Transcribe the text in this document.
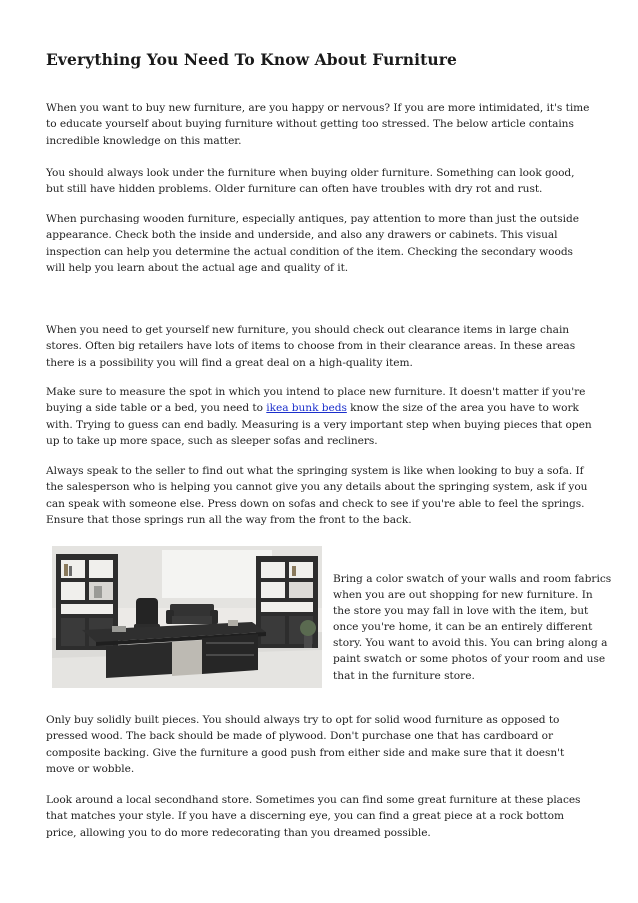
Everything You Need To Know About Furniture

When you want to buy new furniture, are you happy or nervous? If you are more intimidated, it's time to educate yourself about buying furniture without getting too stressed. The below article contains incredible knowledge on this matter.

You should always look under the furniture when buying older furniture. Something can look good, but still have hidden problems. Older furniture can often have troubles with dry rot and rust.

When purchasing wooden furniture, especially antiques, pay attention to more than just the outside appearance. Check both the inside and underside, and also any drawers or cabinets. This visual inspection can help you determine the actual condition of the item. Checking the secondary woods will help you learn about the actual age and quality of it.

When you need to get yourself new furniture, you should check out clearance items in large chain stores. Often big retailers have lots of items to choose from in their clearance areas. In these areas there is a possibility you will find a great deal on a high-quality item.

Make sure to measure the spot in which you intend to place new furniture. It doesn't matter if you're buying a side table or a bed, you need to ikea bunk beds know the size of the area you have to work with. Trying to guess can end badly. Measuring is a very important step when buying pieces that open up to take up more space, such as sleeper sofas and recliners.

Always speak to the seller to find out what the springing system is like when looking to buy a sofa. If the salesperson who is helping you cannot give you any details about the springing system, ask if you can speak with someone else. Press down on sofas and check to see if you're able to feel the springs. Ensure that those springs run all the way from the front to the back.

Bring a color swatch of your walls and room fabrics when you are out shopping for new furniture. In the store you may fall in love with the item, but once you're home, it can be an entirely different story. You want to avoid this. You can bring along a paint swatch or some photos of your room and use that in the furniture store.

Only buy solidly built pieces. You should always try to opt for solid wood furniture as opposed to pressed wood. The back should be made of plywood. Don't purchase one that has cardboard or composite backing. Give the furniture a good push from either side and make sure that it doesn't move or wobble.

Look around a local secondhand store. Sometimes you can find some great furniture at these places that matches your style. If you have a discerning eye, you can find a great piece at a rock bottom price, allowing you to do more redecorating than you dreamed possible.
